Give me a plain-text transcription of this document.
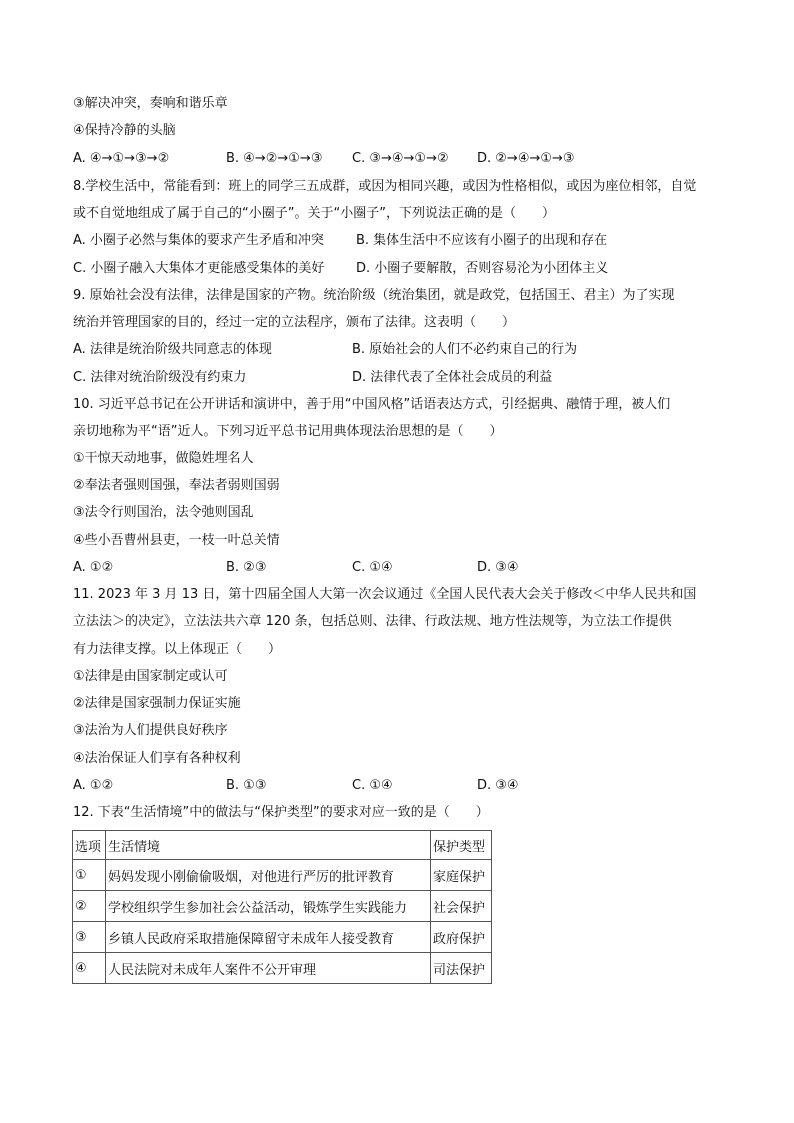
③解决冲突，奏响和谐乐章
④保持冷静的头脑
A. ④→①→③→②	B. ④→②→①→③ C. ③→④→①→② D. ②→④→①→③
8.学校生活中，常能看到：班上的同学三五成群，或因为相同兴趣，或因为性格相似，或因为座位相邻，自觉
或不自觉地组成了属于自己的“小圈子”。关于“小圈子”，下列说法正确的是（　　）
A. 小圈子必然与集体的要求产生矛盾和冲突 B. 集体生活中不应该有小圈子的出现和存在
C. 小圈子融入大集体才更能感受集体的美好 D. 小圈子要解散，否则容易沦为小团体主义
9. 原始社会没有法律，法律是国家的产物。统治阶级（统治集团，就是政党，包括国王、君主）为了实现
统治并管理国家的目的，经过一定的立法程序，颁布了法律。这表明（　　）
A. 法律是统治阶级共同意志的体现	B. 原始社会的人们不必约束自己的行为
C. 法律对统治阶级没有约束力	D. 法律代表了全体社会成员的利益
10. 习近平总书记在公开讲话和演讲中，善于用“中国风格”话语表达方式，引经据典、融情于理，被人们
亲切地称为平“语”近人。下列习近平总书记用典体现法治思想的是（　　）
①干惊天动地事，做隐姓埋名人
②奉法者强则国强，奉法者弱则国弱
③法令行则国治，法令弛则国乱
④些小吾曹州县吏，一枝一叶总关情
A. ①②	B. ②③	C. ①④	D. ③④
11. 2023 年 3 月 13 日，第十四届全国人大第一次会议通过《全国人民代表大会关于修改＜中华人民共和国
立法法＞的决定》，立法法共六章 120 条，包括总则、法律、行政法规、地方性法规等，为立法工作提供
有力法律支撑。以上体现正（　　）
①法律是由国家制定或认可
②法律是国家强制力保证实施
③法治为人们提供良好秩序
④法治保证人们享有各种权利
A. ①②	B. ①③	C. ①④	D. ③④
12. 下表“生活情境”中的做法与“保护类型”的要求对应一致的是（　　）
选项	生活情境	保护类型
①	妈妈发现小刚偷偷吸烟，对他进行严厉的批评教育	家庭保护
②	学校组织学生参加社会公益活动，锻炼学生实践能力	社会保护
③	乡镇人民政府采取措施保障留守未成年人接受教育	政府保护
④	人民法院对未成年人案件不公开审理	司法保护
